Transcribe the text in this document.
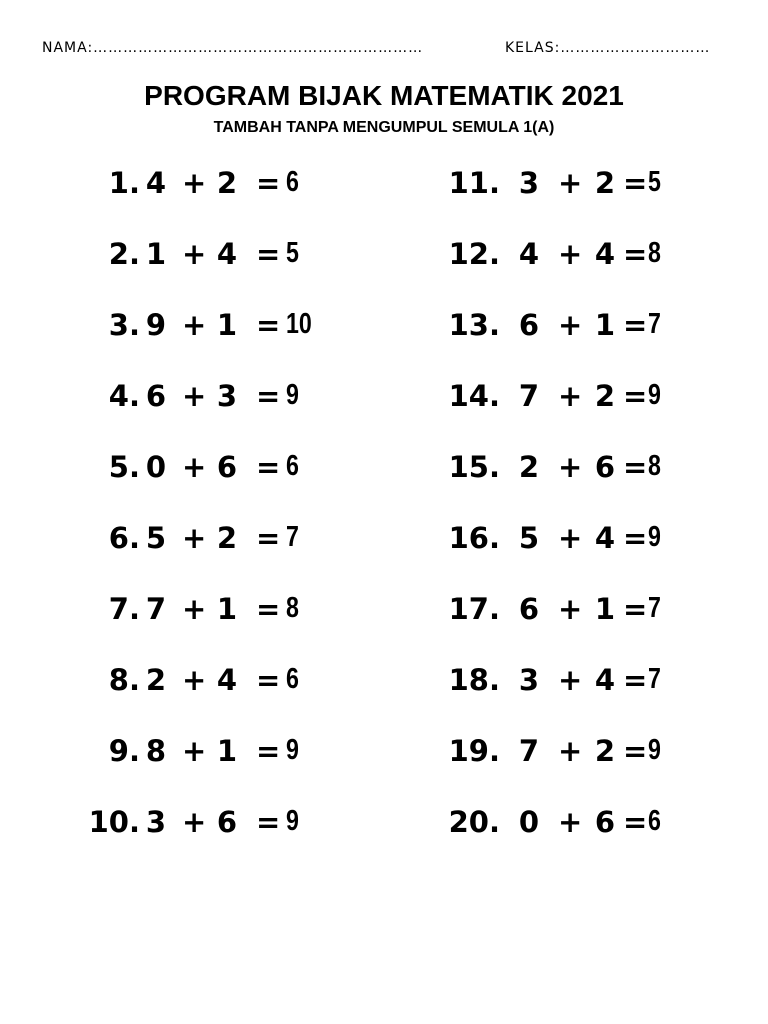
NAMA:…………………………………………………………	KELAS:…………………………
PROGRAM BIJAK MATEMATIK 2021
TAMBAH TANPA MENGUMPUL SEMULA 1(A)
1. 4 + 2 = 6
2. 1 + 4 = 5
3. 9 + 1 = 10
4. 6 + 3 = 9
5. 0 + 6 = 6
6. 5 + 2 = 7
7. 7 + 1 = 8
8. 2 + 4 = 6
9. 8 + 1 = 9
10. 3 + 6 = 9
11. 3 + 2 = 5
12. 4 + 4 = 8
13. 6 + 1 = 7
14. 7 + 2 = 9
15. 2 + 6 = 8
16. 5 + 4 = 9
17. 6 + 1 = 7
18. 3 + 4 = 7
19. 7 + 2 = 9
20. 0 + 6 = 6
